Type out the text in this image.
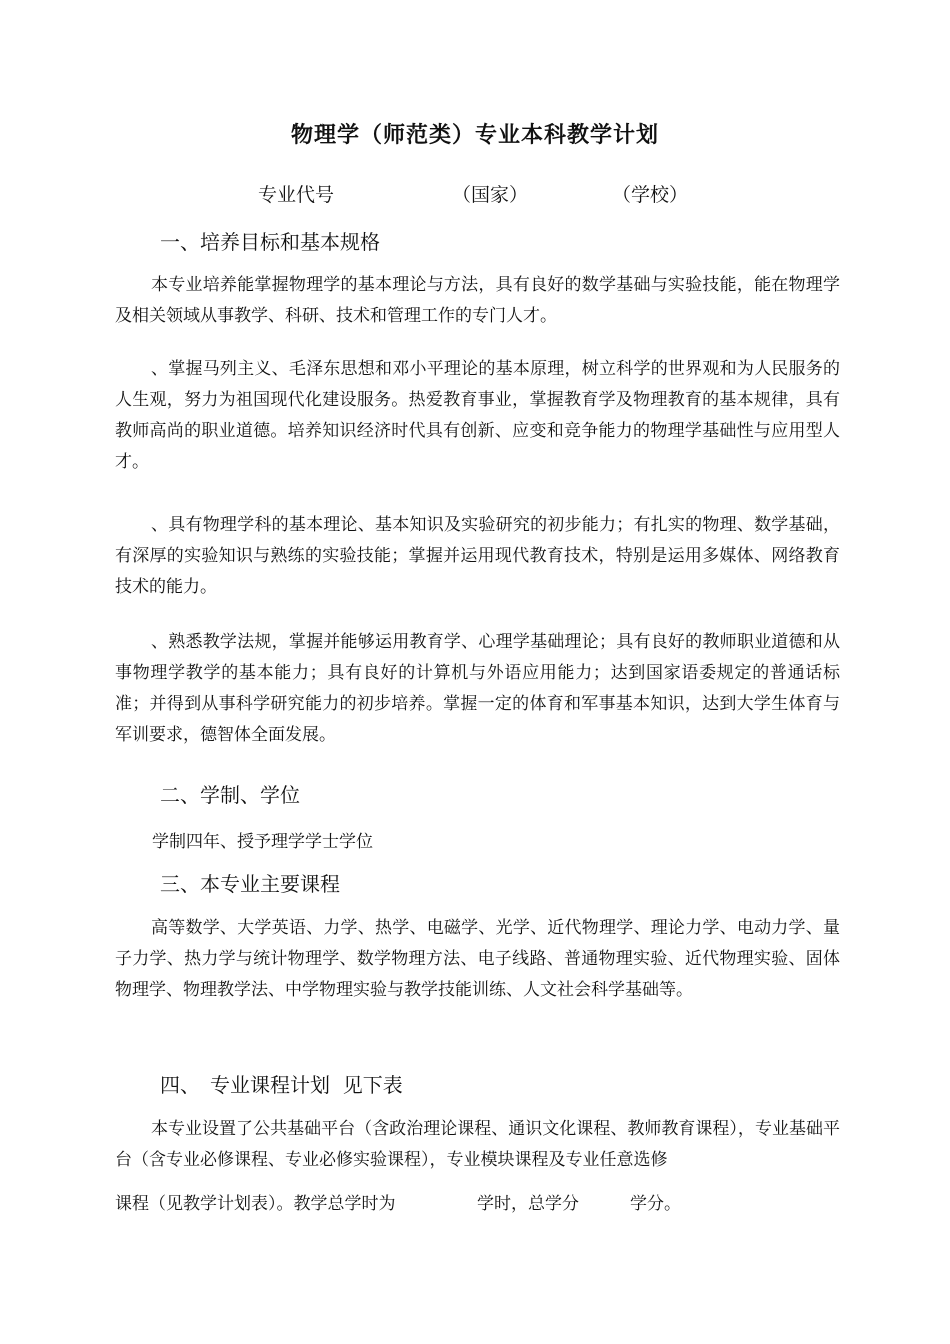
物理学（师范类）专业本科教学计划
专业代号	（国家）	（学校）
一、培养目标和基本规格
本专业培养能掌握物理学的基本理论与方法，具有良好的数学基础与实验技能，能在物理学及相关领域从事教学、科研、技术和管理工作的专门人才。
、掌握马列主义、毛泽东思想和邓小平理论的基本原理，树立科学的世界观和为人民服务的人生观，努力为祖国现代化建设服务。热爱教育事业，掌握教育学及物理教育的基本规律，具有教师高尚的职业道德。培养知识经济时代具有创新、应变和竞争能力的物理学基础性与应用型人才。
、具有物理学科的基本理论、基本知识及实验研究的初步能力；有扎实的物理、数学基础，有深厚的实验知识与熟练的实验技能；掌握并运用现代教育技术，特别是运用多媒体、网络教育技术的能力。
、熟悉教学法规，掌握并能够运用教育学、心理学基础理论；具有良好的教师职业道德和从事物理学教学的基本能力；具有良好的计算机与外语应用能力；达到国家语委规定的普通话标准；并得到从事科学研究能力的初步培养。掌握一定的体育和军事基本知识，达到大学生体育与军训要求，德智体全面发展。
二、学制、学位
学制四年、授予理学学士学位
三、本专业主要课程
高等数学、大学英语、力学、热学、电磁学、光学、近代物理学、理论力学、电动力学、量子力学、热力学与统计物理学、数学物理方法、电子线路、普通物理实验、近代物理实验、固体物理学、物理教学法、中学物理实验与教学技能训练、人文社会科学基础等。
四、　专业课程计划  见下表
本专业设置了公共基础平台（含政治理论课程、通识文化课程、教师教育课程），专业基础平台（含专业必修课程、专业必修实验课程），专业模块课程及专业任意选修
课程（见教学计划表）。教学总学时为	学时，总学分	学分。
